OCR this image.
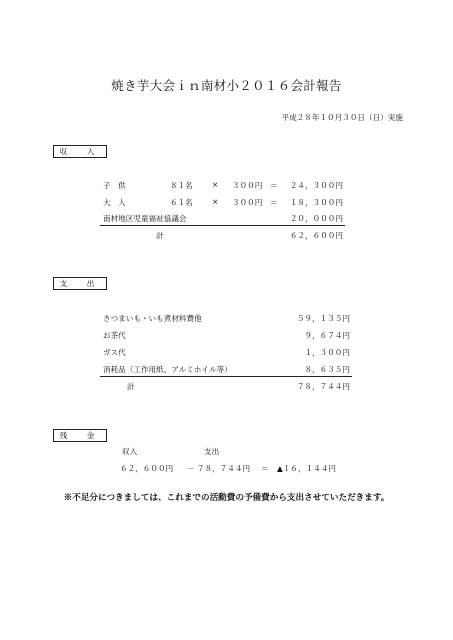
焼き芋大会ｉｎ南材小２０１６会計報告
平成２８年１０月３０日（日）実施
収　入
子　供	８１名	× ３００円 ＝ ２４，３００円
大　人	６１名	× ３００円 ＝ １８，３００円
南材地区児童福祉協議会	２０，０００円
計	６２，６００円
支　出
さつまいも・いも煮材料費他	５９，１３５円
お茶代	９，６７４円
ガス代	１，３００円
消耗品（工作用紙、アルミホイル等）	８，６３５円
計	７８，７４４円
残　金
収入	支出
６２，６００円 － ７８，７４４円 ＝ ▲１６，１４４円
※不足分につきましては、これまでの活動費の予備費から支出させていただきます。
